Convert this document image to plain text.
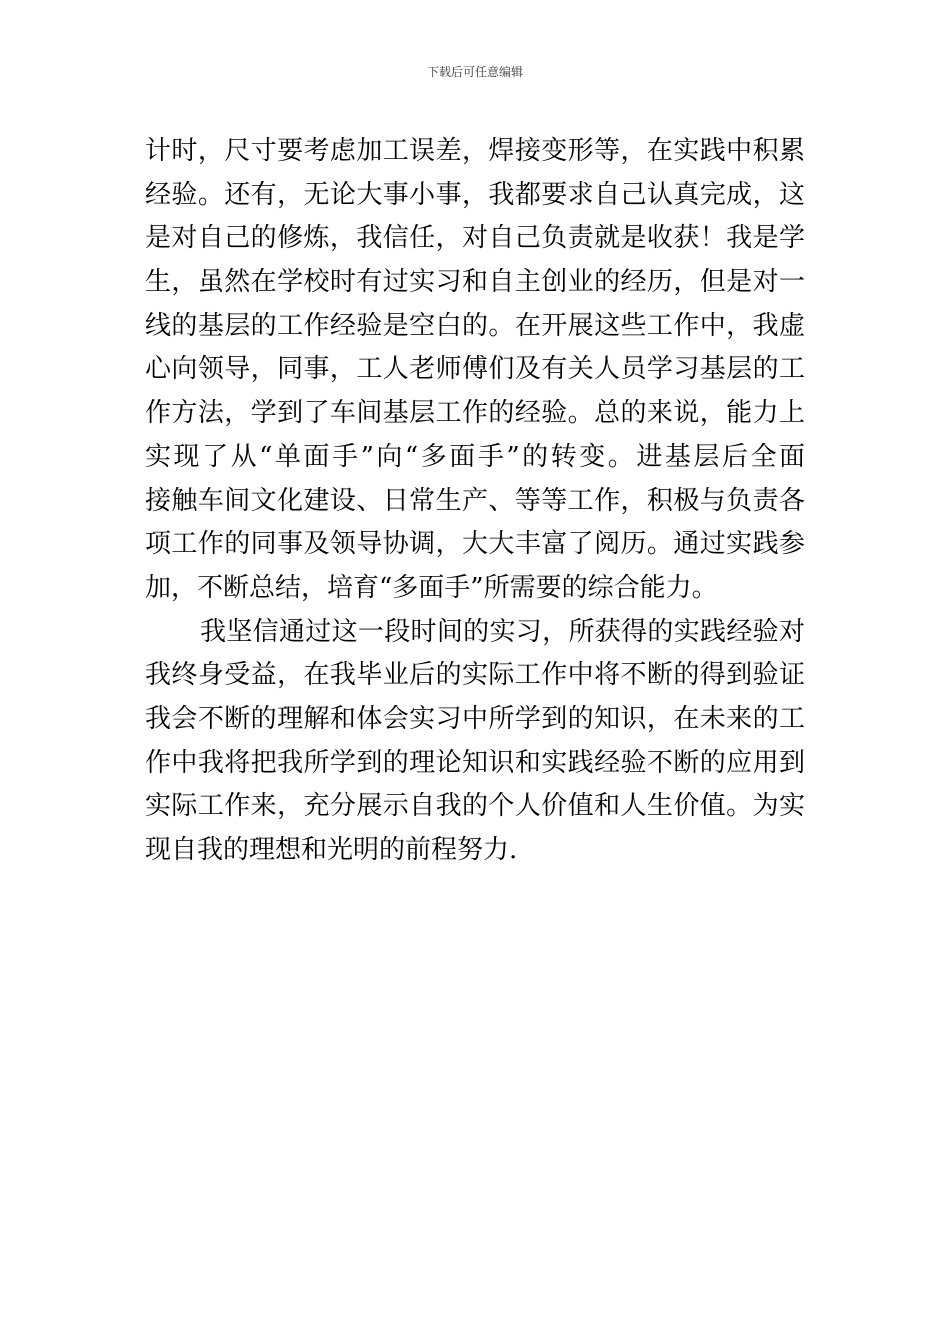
下载后可任意编辑
计时，尺寸要考虑加工误差，焊接变形等，在实践中积累
经验。还有，无论大事小事，我都要求自己认真完成，这
是对自己的修炼，我信任，对自己负责就是收获！我是学
生，虽然在学校时有过实习和自主创业的经历，但是对一
线的基层的工作经验是空白的。在开展这些工作中，我虚
心向领导，同事，工人老师傅们及有关人员学习基层的工
作方法，学到了车间基层工作的经验。总的来说，能力上
实现了从“单面手”向“多面手”的转变。进基层后全面
接触车间文化建设、日常生产、等等工作，积极与负责各
项工作的同事及领导协调，大大丰富了阅历。通过实践参
加，不断总结，培育“多面手”所需要的综合能力。
我坚信通过这一段时间的实习，所获得的实践经验对
我终身受益，在我毕业后的实际工作中将不断的得到验证
我会不断的理解和体会实习中所学到的知识，在未来的工
作中我将把我所学到的理论知识和实践经验不断的应用到
实际工作来，充分展示自我的个人价值和人生价值。为实
现自我的理想和光明的前程努力.
